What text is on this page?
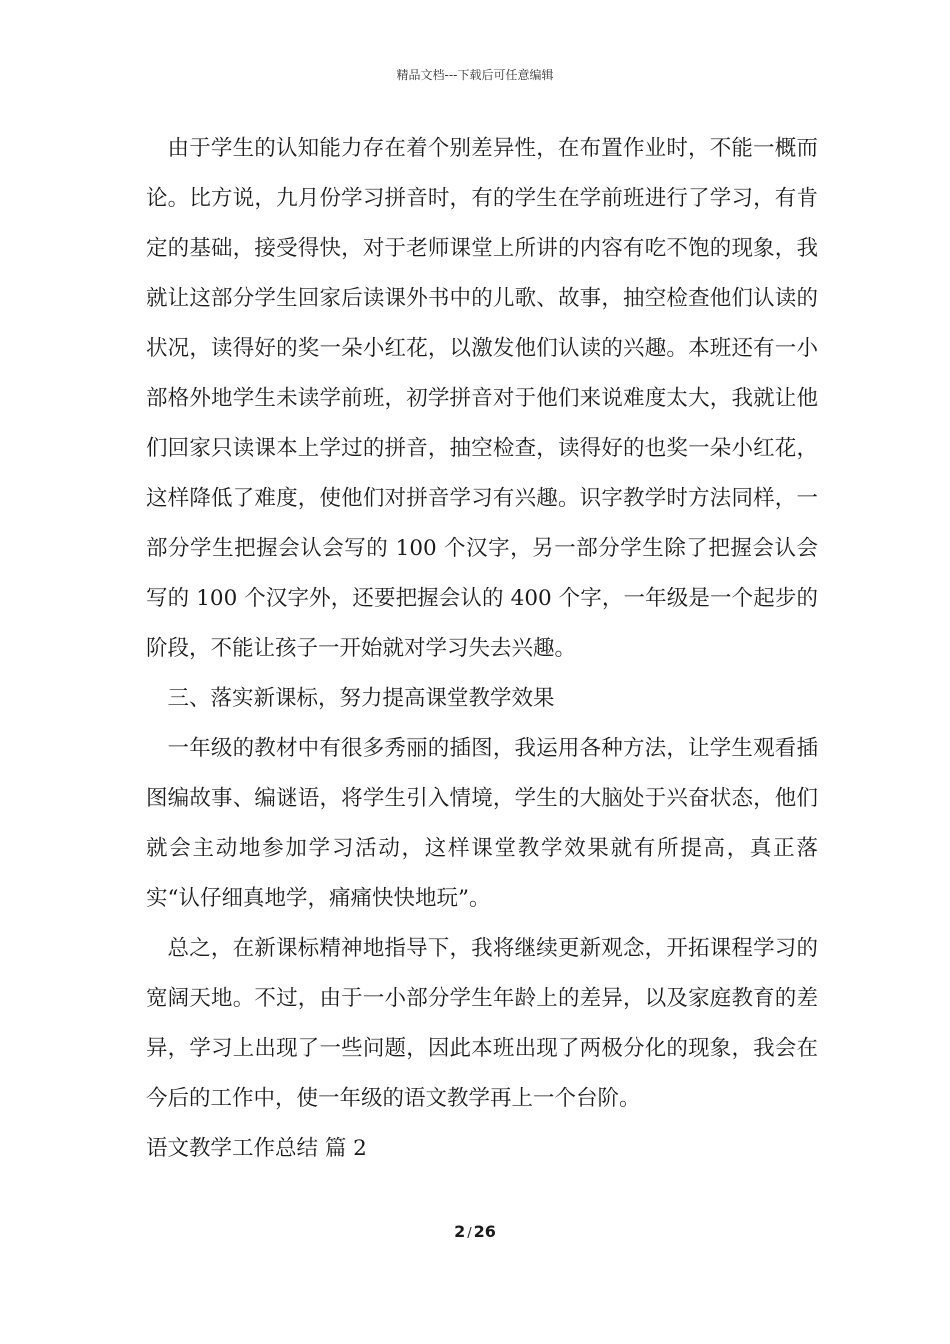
精品文档---下载后可任意编辑

由于学生的认知能力存在着个别差异性，在布置作业时，不能一概而论。比方说，九月份学习拼音时，有的学生在学前班进行了学习，有肯定的基础，接受得快，对于老师课堂上所讲的内容有吃不饱的现象，我就让这部分学生回家后读课外书中的儿歌、故事，抽空检查他们认读的状况，读得好的奖一朵小红花，以激发他们认读的兴趣。本班还有一小部格外地学生未读学前班，初学拼音对于他们来说难度太大，我就让他们回家只读课本上学过的拼音，抽空检查，读得好的也奖一朵小红花，这样降低了难度，使他们对拼音学习有兴趣。识字教学时方法同样，一部分学生把握会认会写的 100 个汉字，另一部分学生除了把握会认会写的 100 个汉字外，还要把握会认的 400 个字，一年级是一个起步的阶段，不能让孩子一开始就对学习失去兴趣。

三、落实新课标，努力提高课堂教学效果

一年级的教材中有很多秀丽的插图，我运用各种方法，让学生观看插图编故事、编谜语，将学生引入情境，学生的大脑处于兴奋状态，他们就会主动地参加学习活动，这样课堂教学效果就有所提高，真正落实“认仔细真地学，痛痛快快地玩”。

总之，在新课标精神地指导下，我将继续更新观念，开拓课程学习的宽阔天地。不过，由于一小部分学生年龄上的差异，以及家庭教育的差异，学习上出现了一些问题，因此本班出现了两极分化的现象，我会在今后的工作中，使一年级的语文教学再上一个台阶。

语文教学工作总结 篇 2

2 / 26
